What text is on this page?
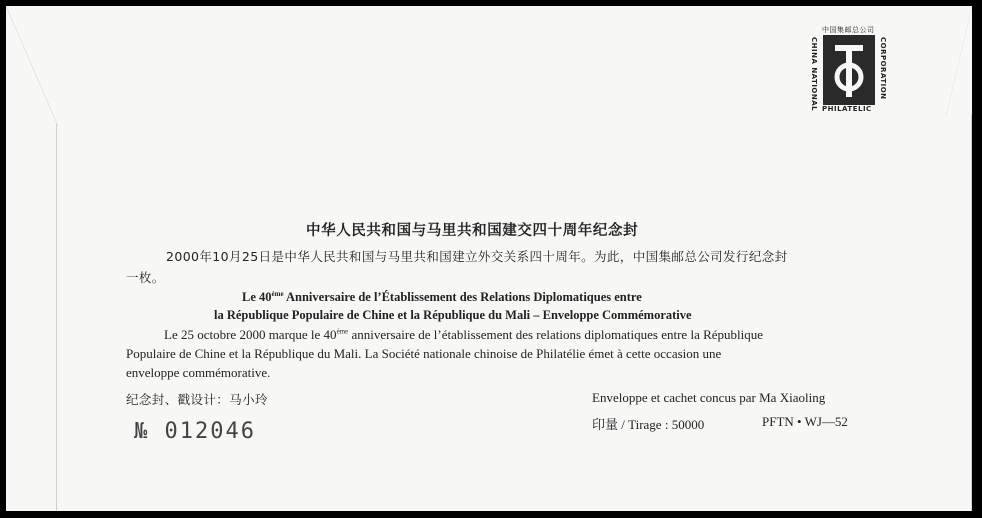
中国集邮总公司
CHINA NATIONAL	CORPORATION
PHILATELIC
中华人民共和国与马里共和国建交四十周年纪念封
2000年10月25日是中华人民共和国与马里共和国建立外交关系四十周年。为此，中国集邮总公司发行纪念封
一枚。
Le $40^{éme}$ Anniversaire de l’Établissement des Relations Diplomatiques entre
la République Populaire de Chine et la République du Mali – Enveloppe Commémorative
Le 25 octobre 2000 marque le $40^{éme}$ anniversaire de l’établissement des relations diplomatiques entre la République
Populaire de Chine et la République du Mali. La Société nationale chinoise de Philatélie émet à cette occasion une
enveloppe commémorative.
纪念封、戳设计：马小玲	Enveloppe et cachet concus par Ma Xiaoling
№ 012046	印量 / Tirage : 50000	PFTN • WJ—52
